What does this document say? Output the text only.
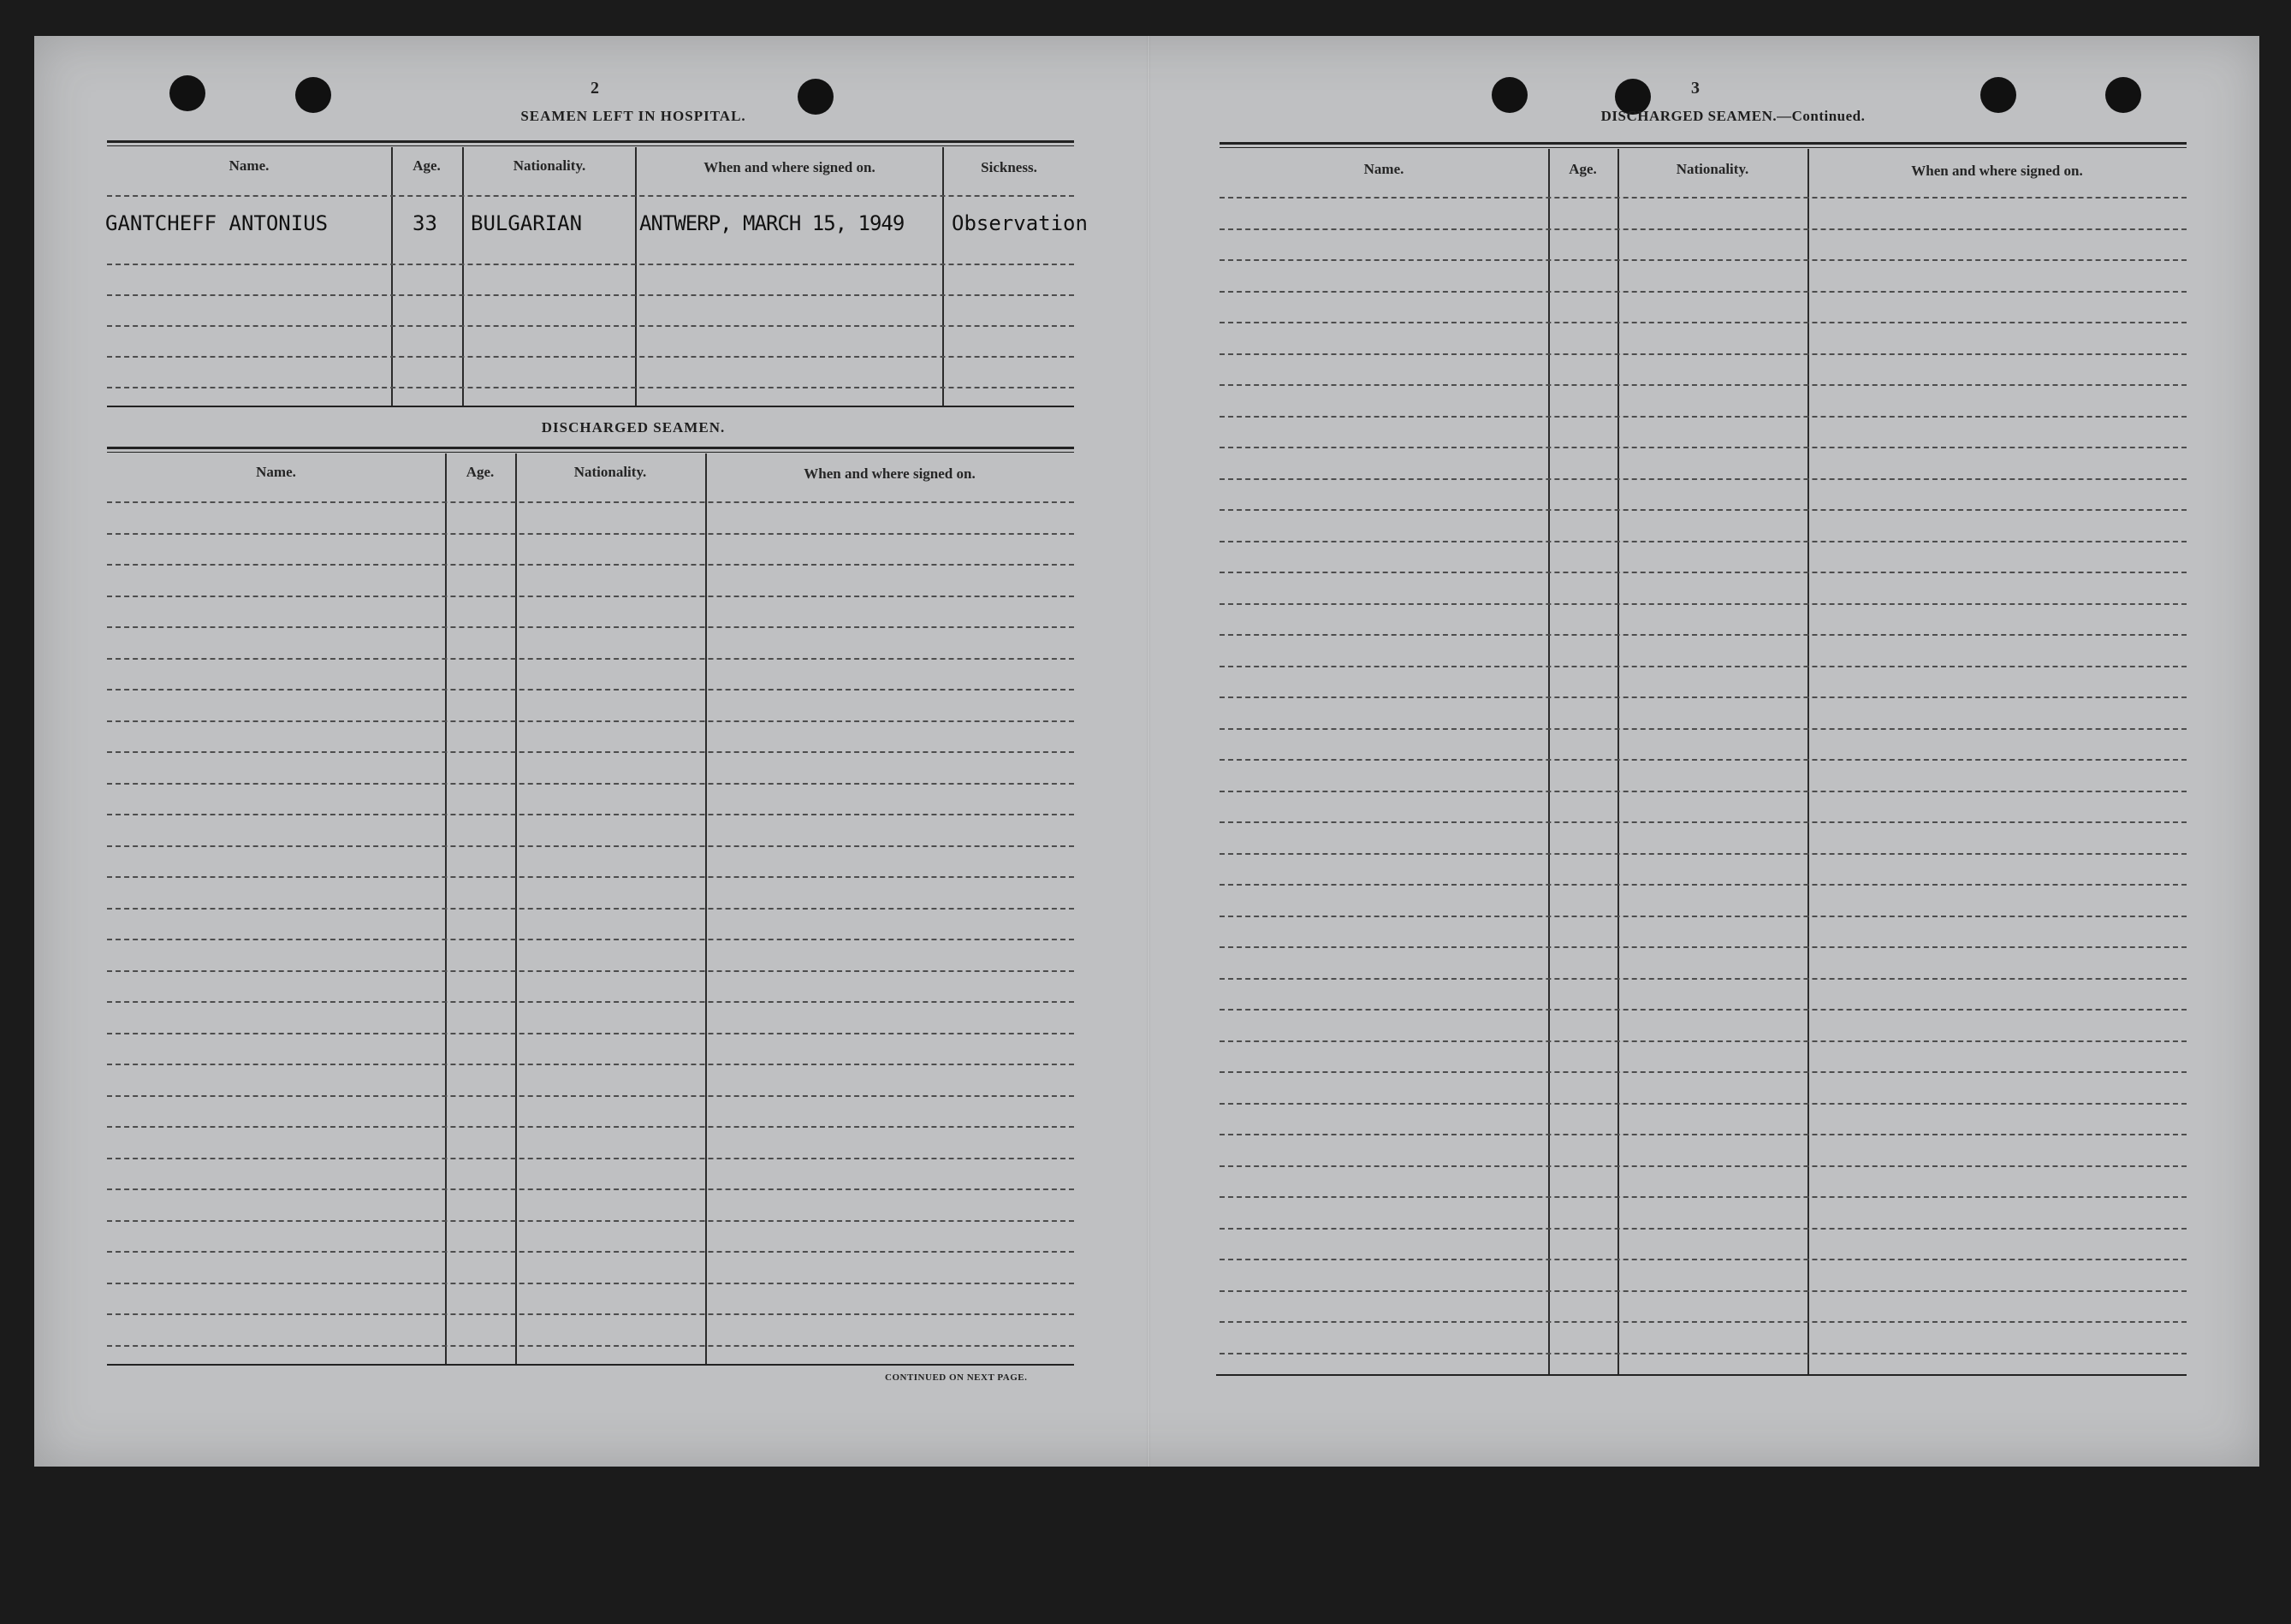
2
SEAMEN LEFT IN HOSPITAL.
Name.	Age.	Nationality.	When and where signed on.	Sickness.
GANTCHEFF ANTONIUS	33 BULGARIAN	ANTWERP, MARCH 15, 1949 Observation
DISCHARGED SEAMEN.
Name.	Age.	Nationality.	When and where signed on.
CONTINUED ON NEXT PAGE.
3
DISCHARGED SEAMEN.—Continued.
Name.	Age.	Nationality.	When and where signed on.
